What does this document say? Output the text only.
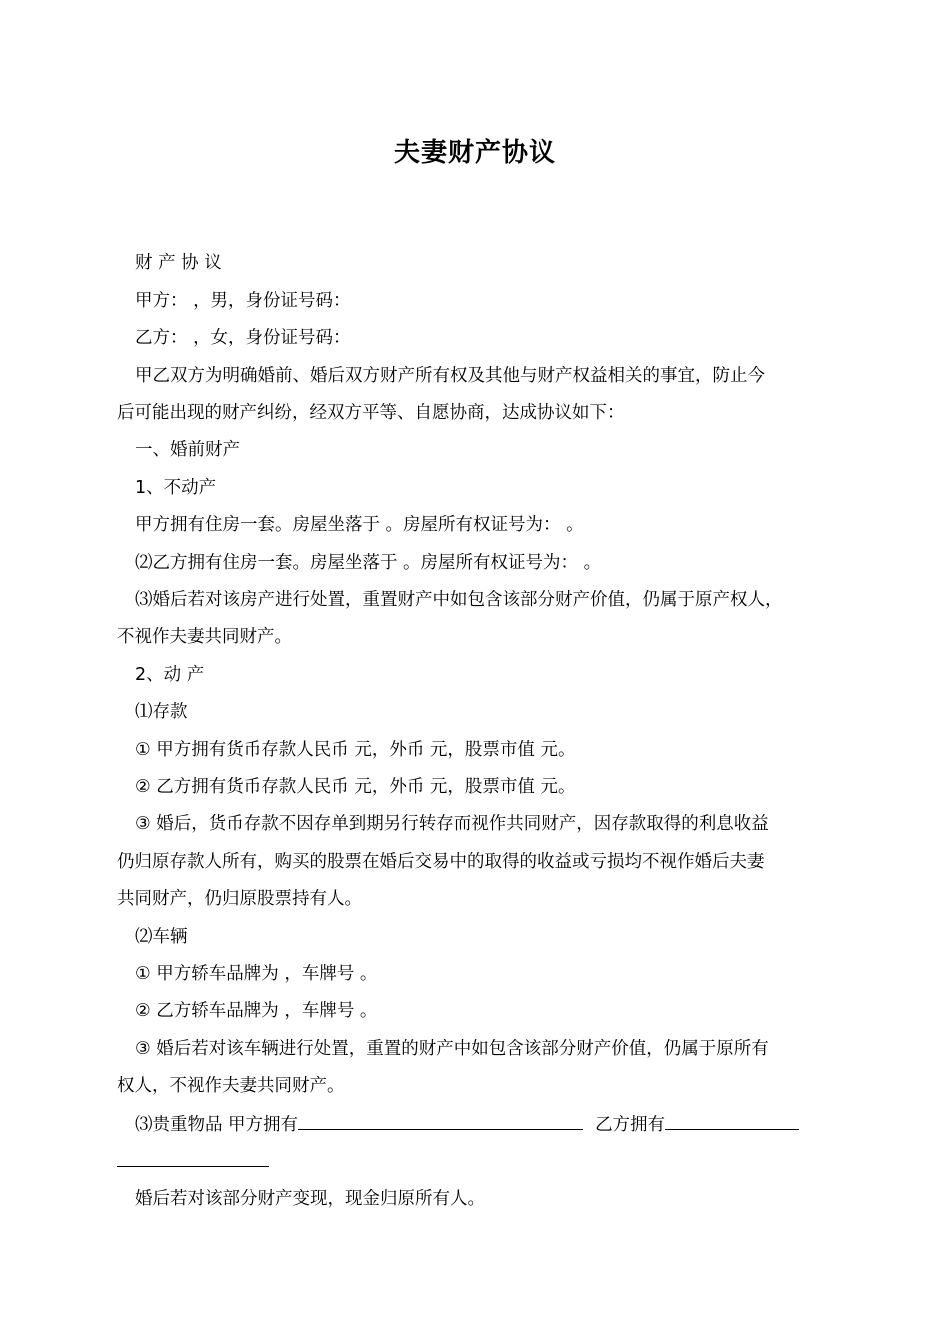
夫妻财产协议
财 产 协 议
甲方： ，男，身份证号码：
乙方： ，女，身份证号码：
甲乙双方为明确婚前、婚后双方财产所有权及其他与财产权益相关的事宜，防止今
后可能出现的财产纠纷，经双方平等、自愿协商，达成协议如下：
一、婚前财产
1、不动产
甲方拥有住房一套。房屋坐落于 。房屋所有权证号为： 。
⑵乙方拥有住房一套。房屋坐落于 。房屋所有权证号为： 。
⑶婚后若对该房产进行处置，重置财产中如包含该部分财产价值，仍属于原产权人，
不视作夫妻共同财产。
2、动 产
⑴存款
① 甲方拥有货币存款人民币 元，外币 元，股票市值 元。
② 乙方拥有货币存款人民币 元，外币 元，股票市值 元。
③ 婚后，货币存款不因存单到期另行转存而视作共同财产，因存款取得的利息收益
仍归原存款人所有，购买的股票在婚后交易中的取得的收益或亏损均不视作婚后夫妻
共同财产，仍归原股票持有人。
⑵车辆
① 甲方轿车品牌为 ，车牌号 。
② 乙方轿车品牌为 ，车牌号 。
③ 婚后若对该车辆进行处置，重置的财产中如包含该部分财产价值，仍属于原所有
权人，不视作夫妻共同财产。
⑶贵重物品 甲方拥有	乙方拥有
婚后若对该部分财产变现，现金归原所有人。
